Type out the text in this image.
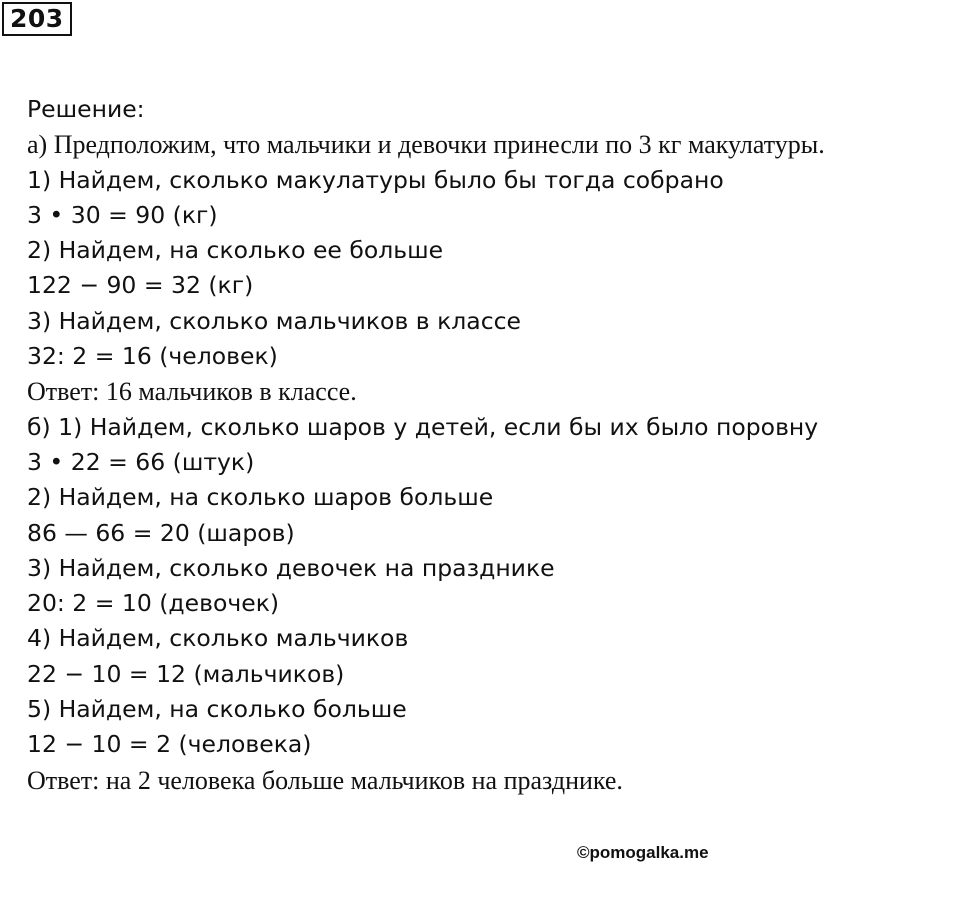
203
Решение:
а) Предположим, что мальчики и девочки принесли по 3 кг макулатуры.
1) Найдем, сколько макулатуры было бы тогда собрано
3 • 30 = 90 (кг)
2) Найдем, на сколько ее больше
122 − 90 = 32 (кг)
3) Найдем, сколько мальчиков в классе
32: 2 = 16 (человек)
Ответ: 16 мальчиков в классе.
б) 1) Найдем, сколько шаров у детей, если бы их было поровну
3 • 22 = 66 (штук)
2) Найдем, на сколько шаров больше
86 — 66 = 20 (шаров)
3) Найдем, сколько девочек на празднике
20: 2 = 10 (девочек)
4) Найдем, сколько мальчиков
22 − 10 = 12 (мальчиков)
5) Найдем, на сколько больше
12 − 10 = 2 (человека)
Ответ: на 2 человека больше мальчиков на празднике.
©pomogalka.me
